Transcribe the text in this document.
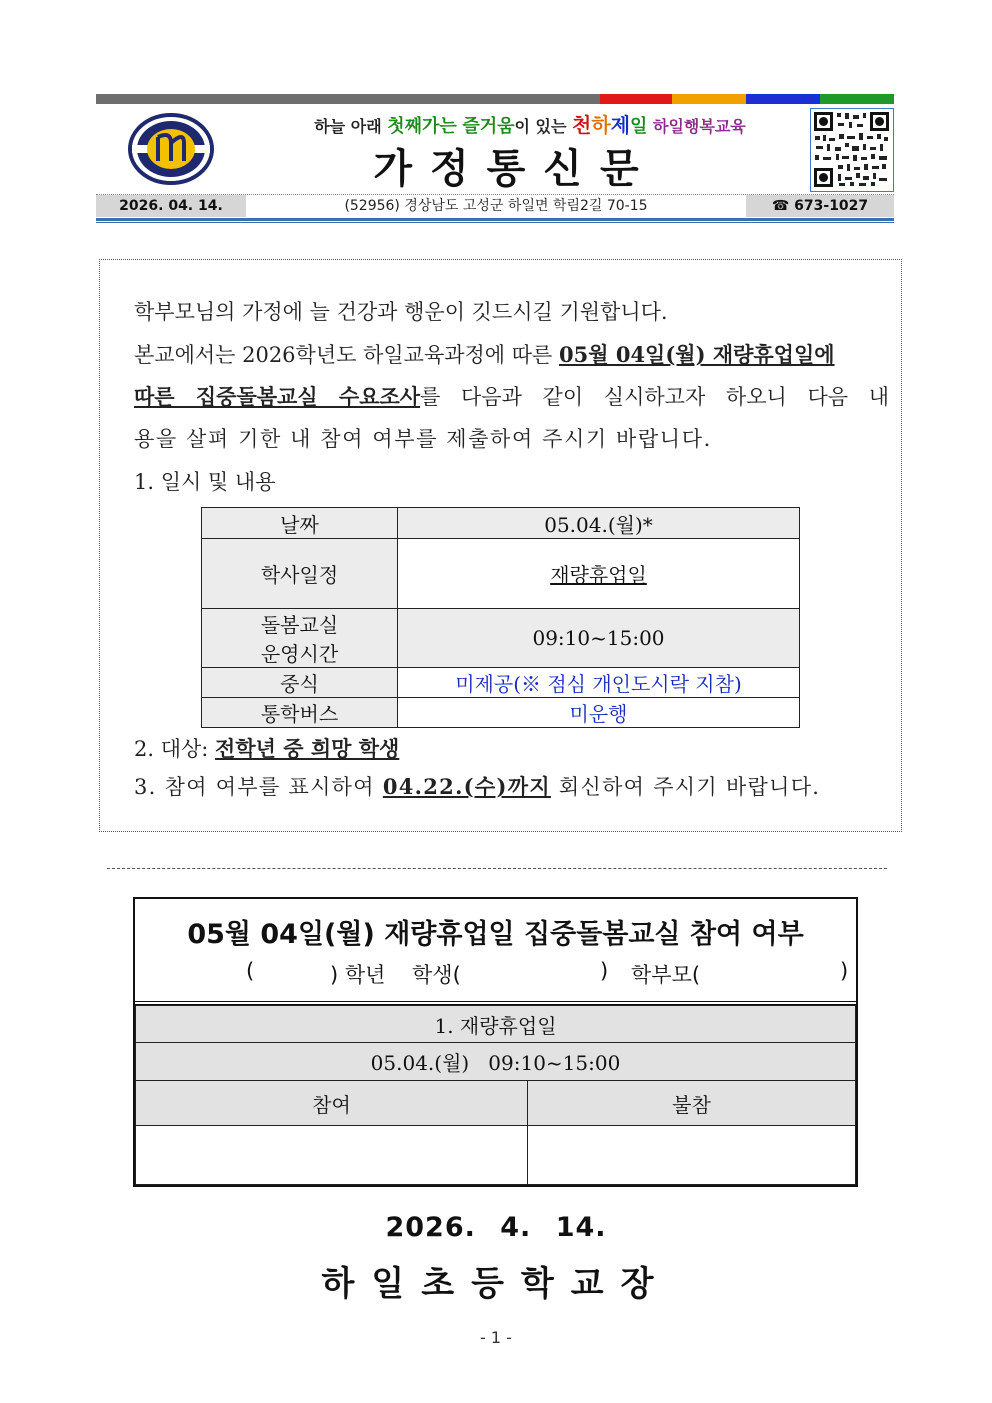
하늘 아래 첫째가는 즐거움이 있는 천하제일 하일행복교육
가정통신문
2026. 04. 14.	(52956) 경상남도 고성군 하일면 학림2길 70-15	☎ 673-1027
학부모님의 가정에 늘 건강과 행운이 깃드시길 기원합니다.
본교에서는 2026학년도 하일교육과정에 따른 05월 04일(월) 재량휴업일에
따른 집중돌봄교실 수요조사를 다음과 같이 실시하고자 하오니 다음 내
용을 살펴 기한 내 참여 여부를 제출하여 주시기 바랍니다.
1. 일시 및 내용
날짜	05.04.(월)*
학사일정	재량휴업일

돌봄교실
운영시간	09:10~15:00
중식	미제공(※ 점심 개인도시락 지참)
통학버스	미운행
2. 대상: 전학년 중 희망 학생
3. 참여 여부를 표시하여 04.22.(수)까지 회신하여 주시기 바랍니다.
05월 04일(월) 재량휴업일 집중돌봄교실 참여 여부
(	) 학년 학생(	) 학부모(	)
1. 재량휴업일	
05.04.(월)   09:10~15:00	
참여	불참

2026. 4. 14.
하일초등학교장
- 1 -
